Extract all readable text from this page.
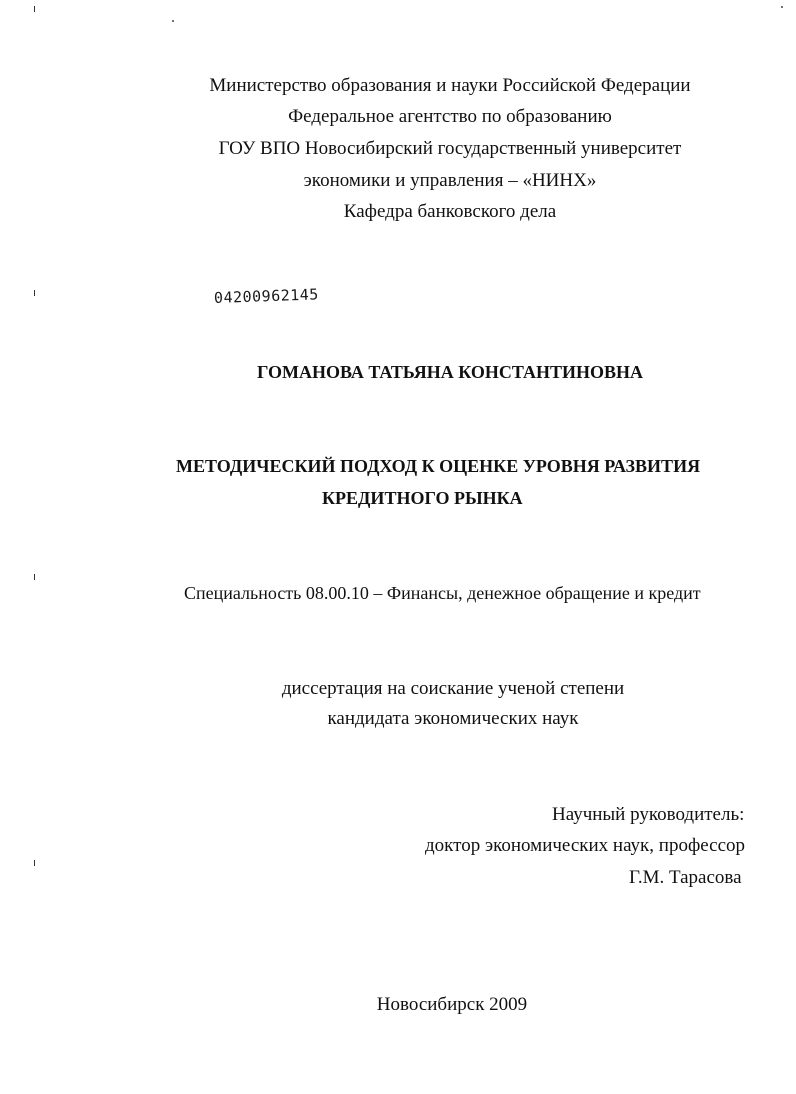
Министерство образования и науки Российской Федерации
Федеральное агентство по образованию
ГОУ ВПО Новосибирский государственный университет
экономики и управления – «НИНХ»
Кафедра банковского дела
04200962145
ГОМАНОВА ТАТЬЯНА КОНСТАНТИНОВНА
МЕТОДИЧЕСКИЙ ПОДХОД К ОЦЕНКЕ УРОВНЯ РАЗВИТИЯ
КРЕДИТНОГО РЫНКА
Специальность 08.00.10 – Финансы, денежное обращение и кредит
диссертация на соискание ученой степени
кандидата экономических наук
Научный руководитель:
доктор экономических наук, профессор
Г.М. Тарасова
Новосибирск 2009
